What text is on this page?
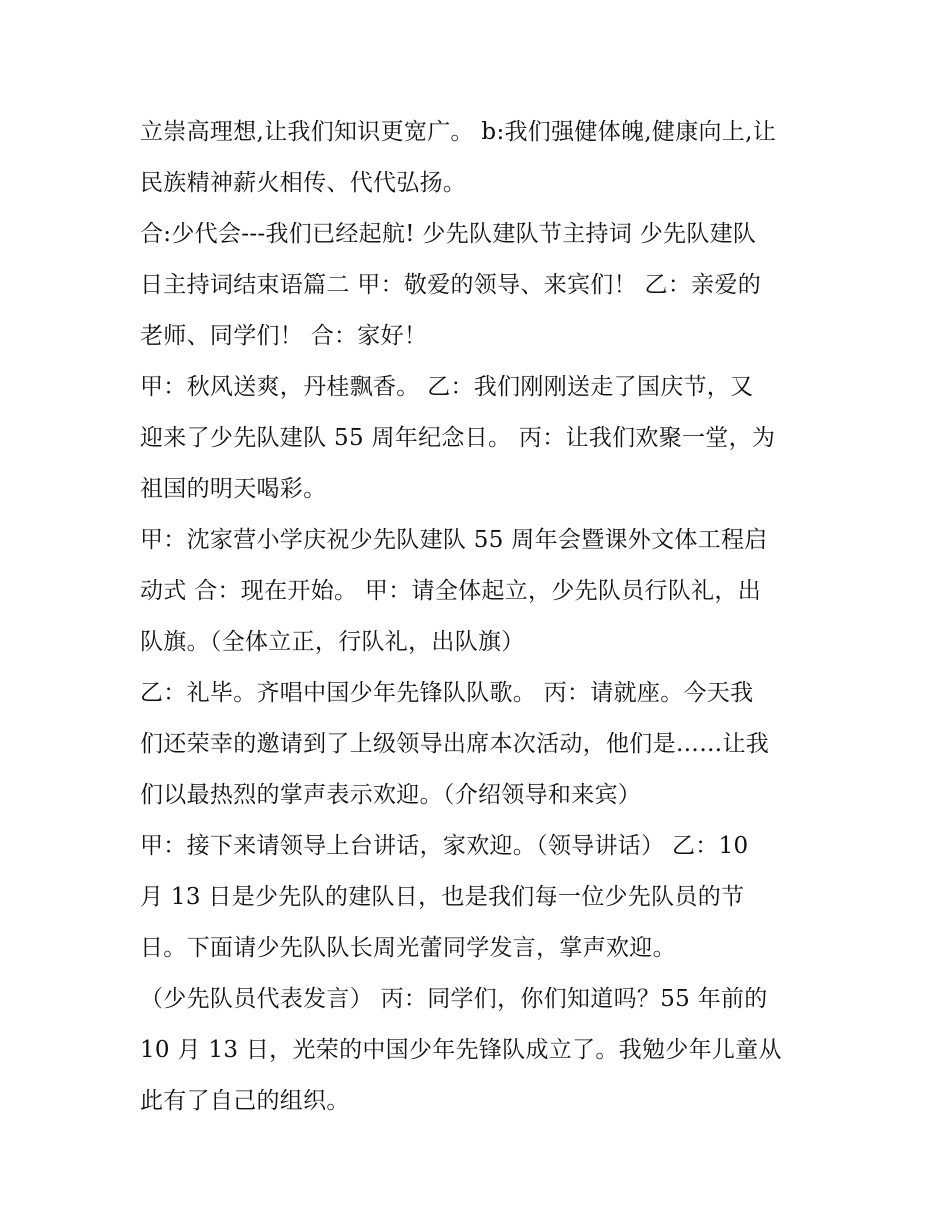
立崇高理想,让我们知识更宽广。 b:我们强健体魄,健康向上,让
民族精神薪火相传、代代弘扬。
合:少代会---我们已经起航! 少先队建队节主持词 少先队建队
日主持词结束语篇二 甲：敬爱的领导、来宾们！ 乙：亲爱的
老师、同学们！ 合：家好！
甲：秋风送爽，丹桂飘香。 乙：我们刚刚送走了国庆节，又
迎来了少先队建队 55 周年纪念日。 丙：让我们欢聚一堂，为
祖国的明天喝彩。
甲：沈家营小学庆祝少先队建队 55 周年会暨课外文体工程启
动式 合：现在开始。 甲：请全体起立，少先队员行队礼，出
队旗。（全体立正，行队礼，出队旗）
乙：礼毕。齐唱中国少年先锋队队歌。 丙：请就座。今天我
们还荣幸的邀请到了上级领导出席本次活动，他们是……让我
们以最热烈的掌声表示欢迎。（介绍领导和来宾）
甲：接下来请领导上台讲话，家欢迎。（领导讲话） 乙：10
月 13 日是少先队的建队日，也是我们每一位少先队员的节
日。下面请少先队队长周光蕾同学发言，掌声欢迎。
（少先队员代表发言） 丙：同学们，你们知道吗？55 年前的
10 月 13 日，光荣的中国少年先锋队成立了。我勉少年儿童从
此有了自己的组织。
